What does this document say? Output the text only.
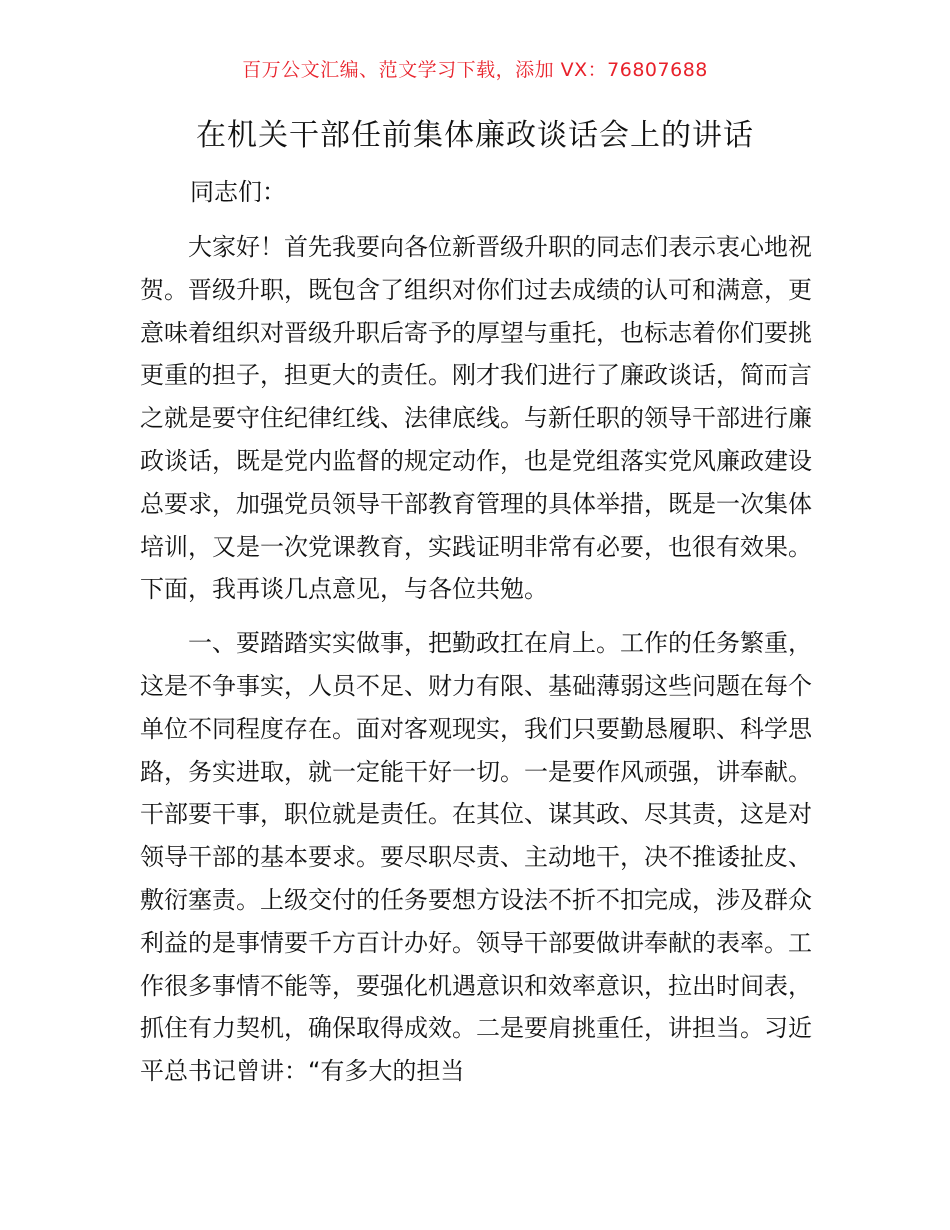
百万公文汇编、范文学习下载，添加 VX：76807688
在机关干部任前集体廉政谈话会上的讲话
同志们：

大家好！首先我要向各位新晋级升职的同志们表示衷心地祝贺。晋级升职，既包含了组织对你们过去成绩的认可和满意，更意味着组织对晋级升职后寄予的厚望与重托，也标志着你们要挑更重的担子，担更大的责任。刚才我们进行了廉政谈话，简而言之就是要守住纪律红线、法律底线。与新任职的领导干部进行廉政谈话，既是党内监督的规定动作，也是党组落实党风廉政建设总要求，加强党员领导干部教育管理的具体举措，既是一次集体培训，又是一次党课教育，实践证明非常有必要，也很有效果。下面，我再谈几点意见，与各位共勉。

一、要踏踏实实做事，把勤政扛在肩上。工作的任务繁重，这是不争事实，人员不足、财力有限、基础薄弱这些问题在每个单位不同程度存在。面对客观现实，我们只要勤恳履职、科学思路，务实进取，就一定能干好一切。一是要作风顽强，讲奉献。干部要干事，职位就是责任。在其位、谋其政、尽其责，这是对领导干部的基本要求。要尽职尽责、主动地干，决不推诿扯皮、敷衍塞责。上级交付的任务要想方设法不折不扣完成，涉及群众利益的是事情要千方百计办好。领导干部要做讲奉献的表率。工作很多事情不能等，要强化机遇意识和效率意识，拉出时间表，抓住有力契机，确保取得成效。二是要肩挑重任，讲担当。习近平总书记曾讲：“有多大的担当
